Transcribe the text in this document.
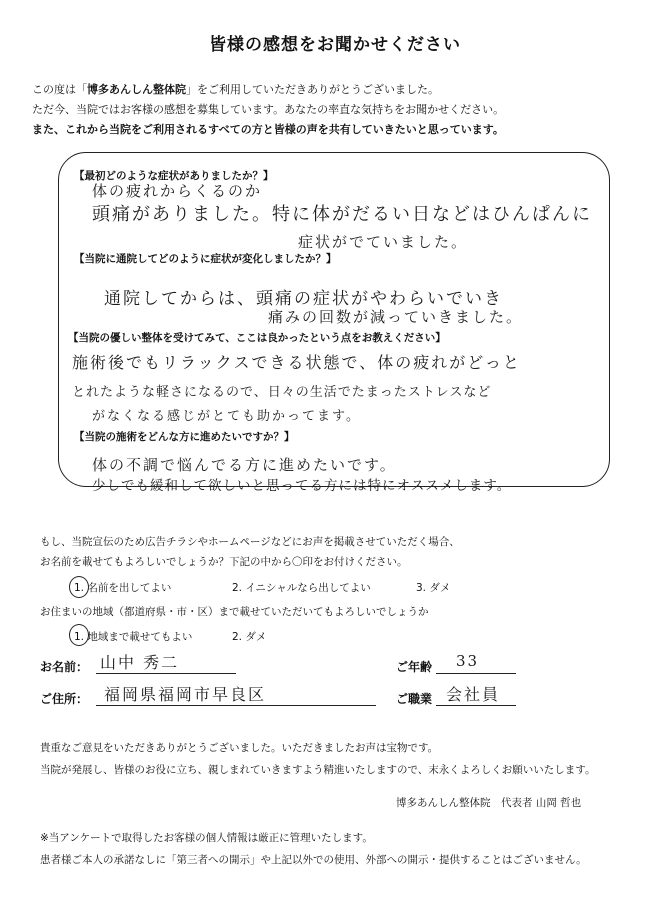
皆様の感想をお聞かせください
この度は「博多あんしん整体院」をご利用していただきありがとうございました。
ただ今、当院ではお客様の感想を募集しています。あなたの率直な気持ちをお聞かせください。
また、これから当院をご利用されるすべての方と皆様の声を共有していきたいと思っています。
【最初どのような症状がありましたか？】
体の疲れからくるのか
頭痛がありました。特に体がだるい日などはひんぱんに
症状がでていました。
【当院に通院してどのように症状が変化しましたか？】
通院してからは、頭痛の症状がやわらいでいき
痛みの回数が減っていきました。
【当院の優しい整体を受けてみて、ここは良かったという点をお教えください】
施術後でもリラックスできる状態で、体の疲れがどっと
とれたような軽さになるので、日々の生活でたまったストレスなど
がなくなる感じがとても助かってます。
【当院の施術をどんな方に進めたいですか？】
体の不調で悩んでる方に進めたいです。
少しでも緩和して欲しいと思ってる方には特にオススメします。
もし、当院宣伝のため広告チラシやホームページなどにお声を掲載させていただく場合、
お名前を載せてもよろしいでしょうか？下記の中から〇印をお付けください。
1. 名前を出してよい	2. イニシャルなら出してよい	3. ダメ
お住まいの地域（都道府県・市・区）まで載せていただいてもよろしいでしょうか
1. 地域まで載せてもよい	2. ダメ
お名前： 山中 秀二	ご年齢 33
ご住所： 福岡県福岡市早良区	ご職業 会社員
貴重なご意見をいただきありがとうございました。いただきましたお声は宝物です。
当院が発展し、皆様のお役に立ち、親しまれていきますよう精進いたしますので、末永くよろしくお願いいたします。
博多あんしん整体院　代表者 山岡 哲也
※当アンケートで取得したお客様の個人情報は厳正に管理いたします。
患者様ご本人の承諾なしに「第三者への開示」や上記以外での使用、外部への開示・提供することはございません。
